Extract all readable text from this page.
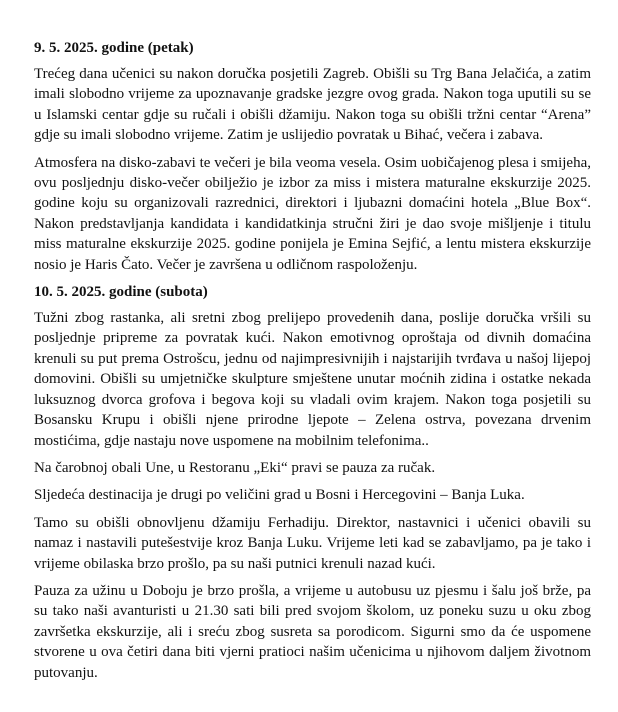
9. 5. 2025. godine (petak)

Trećeg dana učenici su nakon doručka posjetili Zagreb. Obišli su Trg Bana Jelačića, a zatim imali slobodno vrijeme za upoznavanje gradske jezgre ovog grada. Nakon toga uputili su se u Islamski centar gdje su ručali i obišli džamiju. Nakon toga su obišli tržni centar “Arena” gdje su imali slobodno vrijeme. Zatim je uslijedio povratak u Bihać, večera i zabava.

Atmosfera na disko-zabavi te večeri je bila veoma vesela. Osim uobičajenog plesa i smijeha, ovu posljednju disko-večer obilježio je izbor za miss i mistera maturalne ekskurzije 2025. godine koju su organizovali razrednici, direktori i ljubazni domaćini hotela „Blue Box“. Nakon predstavljanja kandidata i kandidatkinja stručni žiri je dao svoje mišljenje i titulu miss maturalne ekskurzije 2025. godine ponijela je Emina Sejfić, a lentu mistera ekskurzije nosio je Haris Čato. Večer je završena u odličnom raspoloženju.

10. 5. 2025. godine (subota)

Tužni zbog rastanka, ali sretni zbog prelijepo provedenih dana, poslije doručka vršili su posljednje pripreme za povratak kući. Nakon emotivnog oproštaja od divnih domaćina krenuli su put prema Ostrošcu, jednu od najimpresivnijih i najstarijih tvrđava u našoj lijepoj domovini. Obišli su umjetničke skulpture smještene unutar moćnih zidina i ostatke nekada luksuznog dvorca grofova i begova koji su vladali ovim krajem. Nakon toga posjetili su Bosansku Krupu i obišli njene prirodne ljepote – Zelena ostrva, povezana drvenim mostićima, gdje nastaju nove uspomene na mobilnim telefonima..

Na čarobnoj obali Une, u Restoranu „Eki“ pravi se pauza za ručak.

Sljedeća destinacija je drugi po veličini grad u Bosni i Hercegovini – Banja Luka.

Tamo su obišli obnovljenu džamiju Ferhadiju. Direktor, nastavnici i učenici obavili su namaz i nastavili putešestvije kroz Banja Luku. Vrijeme leti kad se zabavljamo, pa je tako i vrijeme obilaska brzo prošlo, pa su naši putnici krenuli nazad kući.

Pauza za užinu u Doboju je brzo prošla, a vrijeme u autobusu uz pjesmu i šalu još brže, pa su tako naši avanturisti u 21.30 sati bili pred svojom školom, uz poneku suzu u oku zbog završetka ekskurzije, ali i sreću zbog susreta sa porodicom. Sigurni smo da će uspomene stvorene u ova četiri dana biti vjerni pratioci našim učenicima u njihovom daljem životnom putovanju.
